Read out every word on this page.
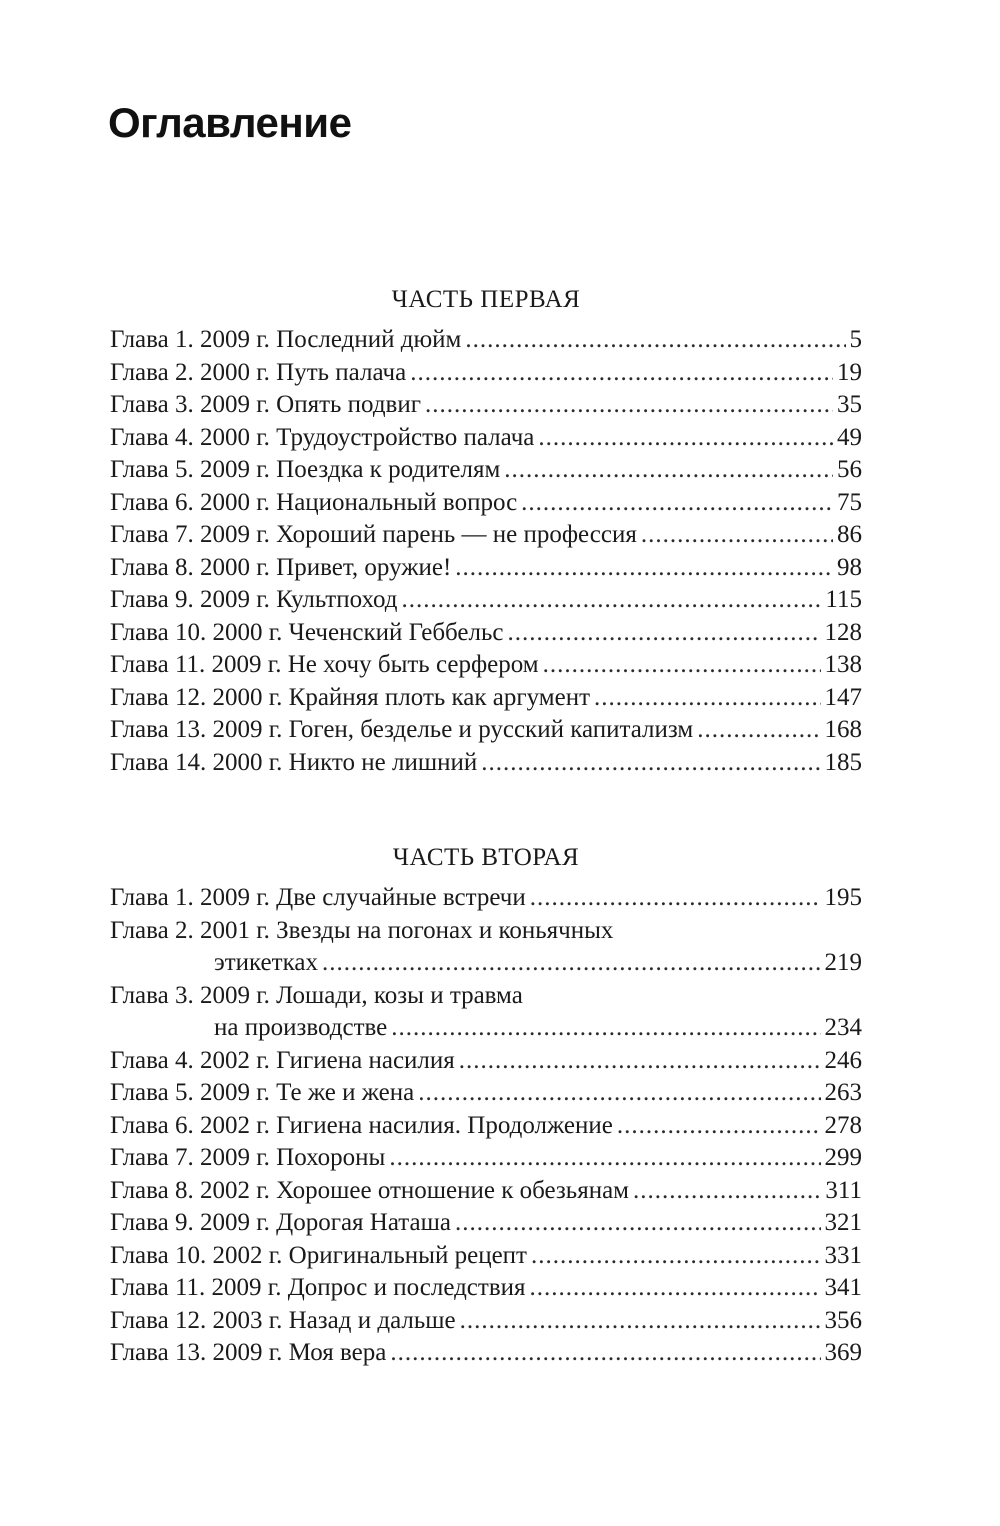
Оглавление
ЧАСТЬ ПЕРВАЯ
Глава 1. 2009 г. Последний дюйм .....	5
Глава 2. 2000 г. Путь палача .....	19
Глава 3. 2009 г. Опять подвиг .....	35
Глава 4. 2000 г. Трудоустройство палача .....	49
Глава 5. 2009 г. Поездка к родителям .....	56
Глава 6. 2000 г. Национальный вопрос .....	75
Глава 7. 2009 г. Хороший парень — не профессия .....	86
Глава 8. 2000 г. Привет, оружие! .....	98
Глава 9. 2009 г. Культпоход .....	115
Глава 10. 2000 г. Чеченский Геббельс .....	128
Глава 11. 2009 г. Не хочу быть серфером .....	138
Глава 12. 2000 г. Крайняя плоть как аргумент .....	147
Глава 13. 2009 г. Гоген, безделье и русский капитализм .....	168
Глава 14. 2000 г. Никто не лишний .....	185
ЧАСТЬ ВТОРАЯ
Глава 1. 2009 г. Две случайные встречи .....	195
Глава 2. 2001 г. Звезды на погонах и коньячных
этикетках .....	219
Глава 3. 2009 г. Лошади, козы и травма
на производстве .....	234
Глава 4. 2002 г. Гигиена насилия .....	246
Глава 5. 2009 г. Те же и жена .....	263
Глава 6. 2002 г. Гигиена насилия. Продолжение .....	278
Глава 7. 2009 г. Похороны .....	299
Глава 8. 2002 г. Хорошее отношение к обезьянам .....	311
Глава 9. 2009 г. Дорогая Наташа .....	321
Глава 10. 2002 г. Оригинальный рецепт .....	331
Глава 11. 2009 г. Допрос и последствия .....	341
Глава 12. 2003 г. Назад и дальше .....	356
Глава 13. 2009 г. Моя вера .....	369
